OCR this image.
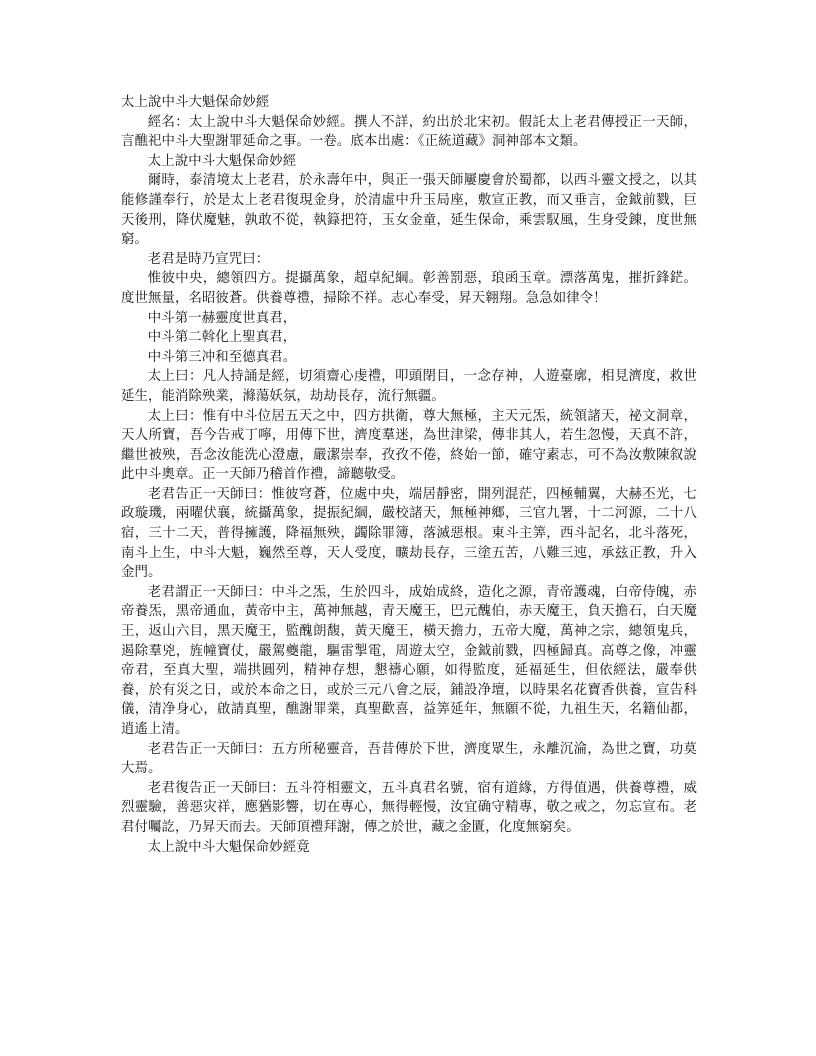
太上說中斗大魁保命妙經

經名：太上說中斗大魁保命妙經。撰人不詳，約出於北宋初。假託太上老君傳授正一天師，言醮祀中斗大聖謝罪延命之事。一卷。底本出處：《正統道藏》洞神部本文類。

太上說中斗大魁保命妙經

爾時，泰清境太上老君，於永壽年中，與正一張天師屢慶會於蜀都，以西斗靈文授之，以其能修謹奉行，於是太上老君復現金身，於清虛中升玉局座，敷宣正教，而又垂言，金鉞前戮，巨天後刑，降伏魔魅，孰敢不從，執籙把符，玉女金童，延生保命，乘雲馭風，生身受錬，度世無窮。

老君是時乃宣咒曰：

惟彼中央，總領四方。提攝萬象，超卓紀綱。彰善罰惡，琅函玉章。漂落萬鬼，摧折鋒鋩。度世無量，名昭彼蒼。供養尊禮，掃除不祥。志心奉受，昇天翱翔。急急如律令！

中斗第一赫靈度世真君，

中斗第二斡化上聖真君，

中斗第三冲和至德真君。

太上曰：凡人持誦是經，切須齋心虔禮，叩頭閉目，一念存神，人遊臺廓，相見濟度，救世延生，能消除殃業，滌蕩妖氛，劫劫長存，流行無疆。

太上曰：惟有中斗位居五天之中，四方拱衛，尊大無極，主天元炁，統領諸天，祕文洞章，天人所寶，吾今告戒丁嚀，用傳下世，濟度羣迷，為世津梁，傳非其人，若生忽慢，天真不許，繼世被殃，吾念汝能洗心澄慮，嚴潔崇奉，孜孜不倦，終始一節，確守素志，可不為汝敷陳叙說此中斗奧章。正一天師乃稽首作禮，諦聽敬受。

老君告正一天師曰：惟彼穹蒼，位處中央，端居靜密，開列混茫，四極輔翼，大赫丕光，七政璇璣，兩曜伏襄，統攝萬象，提振紀綱，嚴校諸天，無極神鄉，三官九署，十二河源，二十八宿，三十二天，普得擁護，降福無殃，蠲除罪簿，落滅惡根。東斗主筭，西斗記名，北斗落死，南斗上生，中斗大魁，巍然至尊，天人受度，曠劫長存，三塗五苦，八難三迍，承玆正教，升入金門。

老君謂正一天師曰：中斗之炁，生於四斗，成始成終，造化之源，青帝護魂，白帝侍魄，赤帝養炁，黑帝通血，黃帝中主，萬神無越，青天魔王，巴元醜伯，赤天魔王，負天擔石，白天魔王，返山六目，黑天魔王，監醜朗馥，黃天魔王，橫天擔力，五帝大魔，萬神之宗，總領鬼兵，遏除羣兇，旌幢寶仗，嚴駕夔龍，驅雷掣電，周遊太空，金鉞前戮，四極歸真。高尊之像，冲靈帝君，至真大聖，端拱圓列，精神存想，懇禱心願，如得監度，延福延生，但依經法，嚴奉供養，於有災之日，或於本命之日，或於三元八會之辰，鋪設净壇，以時果名花寶香供養，宣告科儀，清净身心，啟請真聖，醮謝罪業，真聖歡喜，益筭延年，無願不從，九祖生天，名籍仙都，逍遙上清。

老君告正一天師曰：五方所秘靈音，吾昔傳於下世，濟度眾生，永離沉淪，為世之寶，功莫大焉。

老君復告正一天師曰：五斗符相靈文，五斗真君名號，宿有道緣，方得值遇，供養尊禮，威烈靈驗，善惡灾祥，應猶影響，切在專心，無得輕慢，汝宜确守精專，敬之戒之，勿忘宣布。老君付囑訖，乃昇天而去。天師頂禮拜謝，傳之於世，藏之金匱，化度無窮矣。

太上說中斗大魁保命妙經竟
